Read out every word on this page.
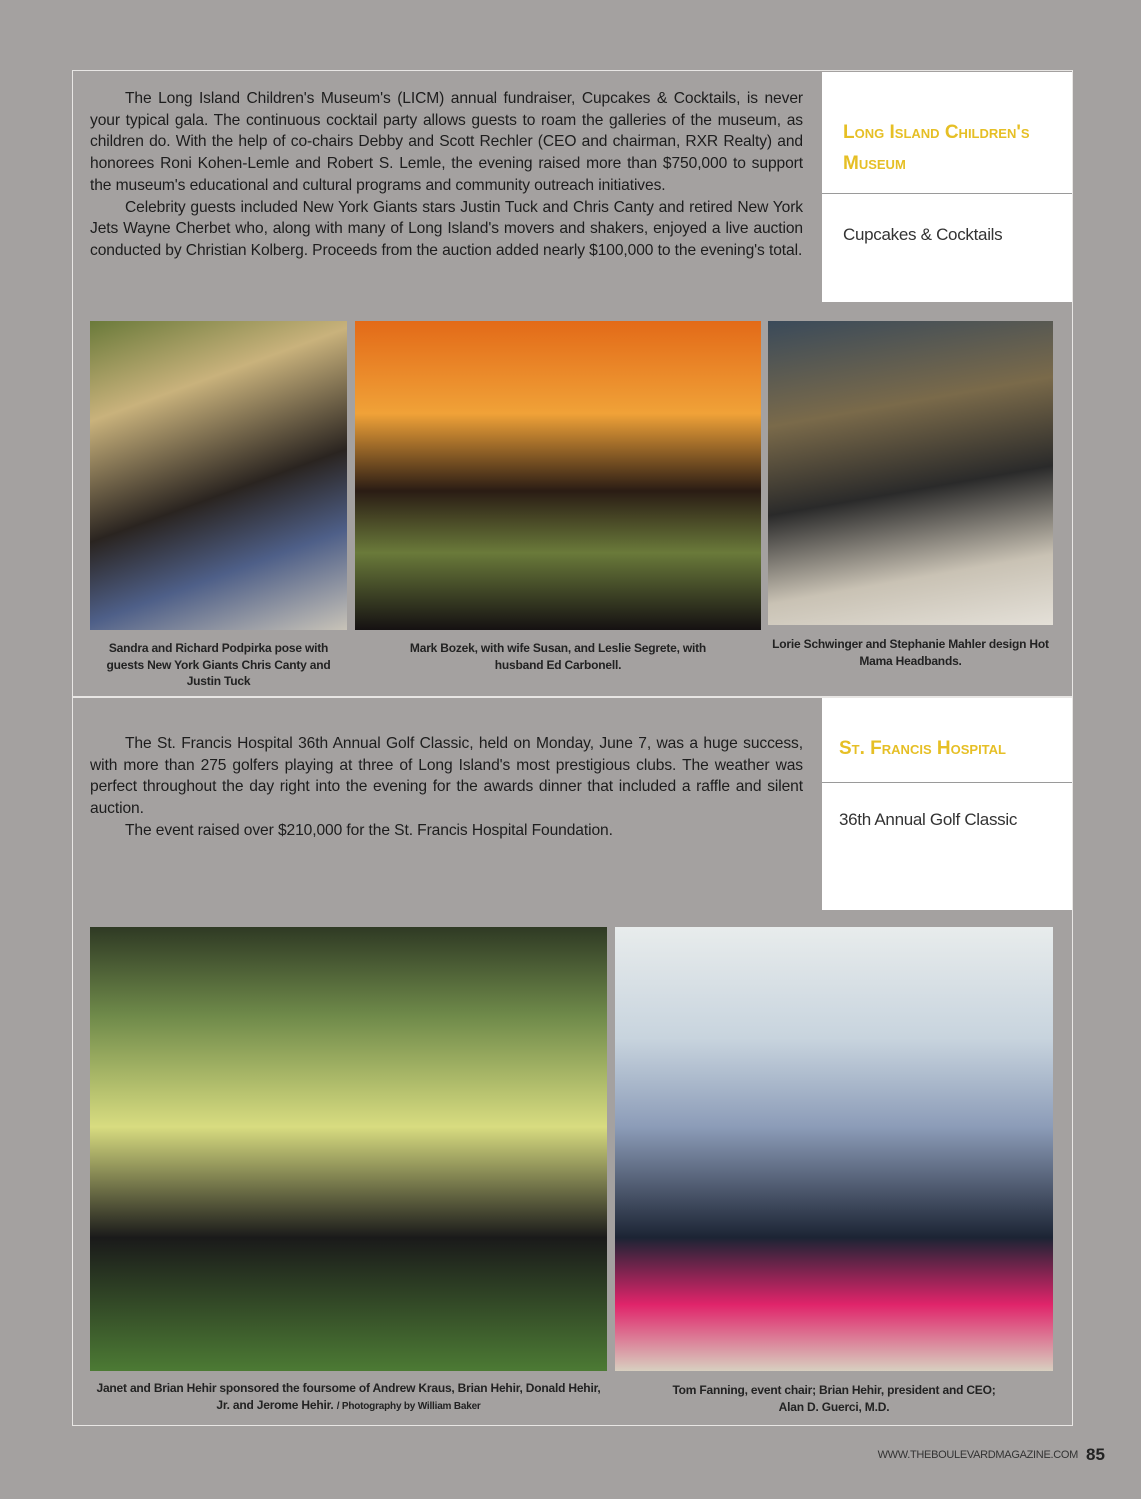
The Long Island Children's Museum's (LICM) annual fundraiser, Cupcakes & Cocktails, is never your typical gala. The continuous cocktail party allows guests to roam the galleries of the museum, as children do. With the help of co-chairs Debby and Scott Rechler (CEO and chairman, RXR Realty) and honorees Roni Kohen-Lemle and Robert S. Lemle, the evening raised more than $750,000 to support the museum's educational and cultural programs and community outreach initiatives.

Celebrity guests included New York Giants stars Justin Tuck and Chris Canty and retired New York Jets Wayne Cherbet who, along with many of Long Island's movers and shakers, enjoyed a live auction conducted by Christian Kolberg. Proceeds from the auction added nearly $100,000 to the evening's total.

Long Island Children's Museum
Cupcakes & Cocktails
Sandra and Richard Podpirka pose with guests New York Giants Chris Canty and Justin Tuck
Mark Bozek, with wife Susan, and Leslie Segrete, with husband Ed Carbonell.
Lorie Schwinger and Stephanie Mahler design Hot Mama Headbands.

The St. Francis Hospital 36th Annual Golf Classic, held on Monday, June 7, was a huge success, with more than 275 golfers playing at three of Long Island's most prestigious clubs. The weather was perfect throughout the day right into the evening for the awards dinner that included a raffle and silent auction.

The event raised over $210,000 for the St. Francis Hospital Foundation.

St. Francis Hospital
36th Annual Golf Classic
Janet and Brian Hehir sponsored the foursome of Andrew Kraus, Brian Hehir, Donald Hehir, Jr. and Jerome Hehir. / Photography by William Baker
Tom Fanning, event chair; Brian Hehir, president and CEO; Alan D. Guerci, M.D.
WWW.THEBOULEVARDMAGAZINE.COM 85
